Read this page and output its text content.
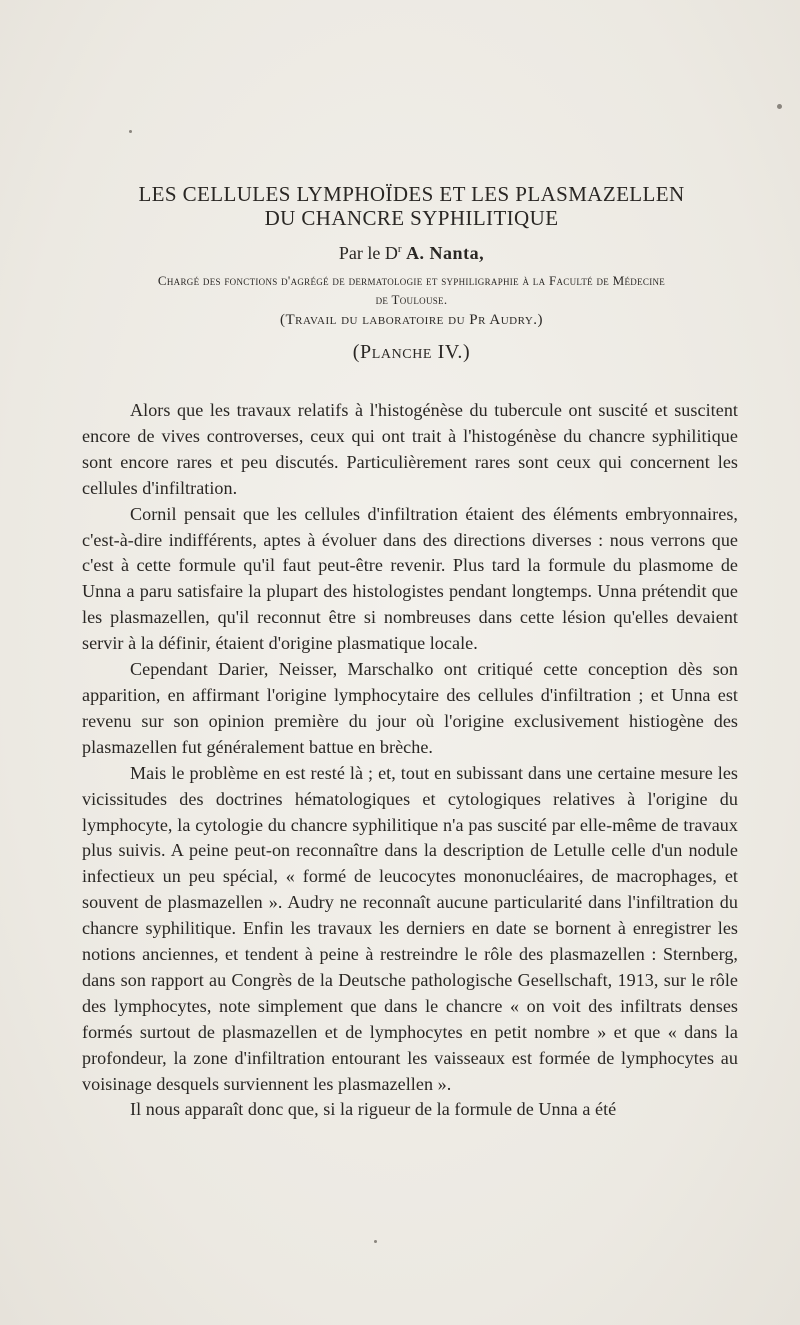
LES CELLULES LYMPHOÏDES ET LES PLASMAZELLEN
DU CHANCRE SYPHILITIQUE
Par le $D^r$ A. Nanta,
Chargé des fonctions d'agrégé de dermatologie et syphiligraphie à la Faculté de Médecine
de Toulouse.
(Travail du laboratoire du Pr Audry.)
(Planche IV.)

Alors que les travaux relatifs à l'histogénèse du tubercule ont suscité et suscitent encore de vives controverses, ceux qui ont trait à l'histogénèse du chancre syphilitique sont encore rares et peu discutés. Particulièrement rares sont ceux qui concernent les cellules d'infiltration.

Cornil pensait que les cellules d'infiltration étaient des éléments embryonnaires, c'est-à-dire indifférents, aptes à évoluer dans des directions diverses : nous verrons que c'est à cette formule qu'il faut peut-être revenir. Plus tard la formule du plasmome de Unna a paru satisfaire la plupart des histologistes pendant longtemps. Unna prétendit que les plasmazellen, qu'il reconnut être si nombreuses dans cette lésion qu'elles devaient servir à la définir, étaient d'origine plasmatique locale.

Cependant Darier, Neisser, Marschalko ont critiqué cette conception dès son apparition, en affirmant l'origine lymphocytaire des cellules d'infiltration ; et Unna est revenu sur son opinion première du jour où l'origine exclusivement histiogène des plasmazellen fut généralement battue en brèche.

Mais le problème en est resté là ; et, tout en subissant dans une certaine mesure les vicissitudes des doctrines hématologiques et cytologiques relatives à l'origine du lymphocyte, la cytologie du chancre syphilitique n'a pas suscité par elle-même de travaux plus suivis. A peine peut-on reconnaître dans la description de Letulle celle d'un nodule infectieux un peu spécial, « formé de leucocytes mononucléaires, de macrophages, et souvent de plasmazellen ». Audry ne reconnaît aucune particularité dans l'infiltration du chancre syphilitique. Enfin les travaux les derniers en date se bornent à enregistrer les notions anciennes, et tendent à peine à restreindre le rôle des plasmazellen : Sternberg, dans son rapport au Congrès de la Deutsche pathologische Gesellschaft, 1913, sur le rôle des lymphocytes, note simplement que dans le chancre « on voit des infiltrats denses formés surtout de plasmazellen et de lymphocytes en petit nombre » et que « dans la profondeur, la zone d'infiltration entourant les vaisseaux est formée de lymphocytes au voisinage desquels surviennent les plasmazellen ».

Il nous apparaît donc que, si la rigueur de la formule de Unna a été
